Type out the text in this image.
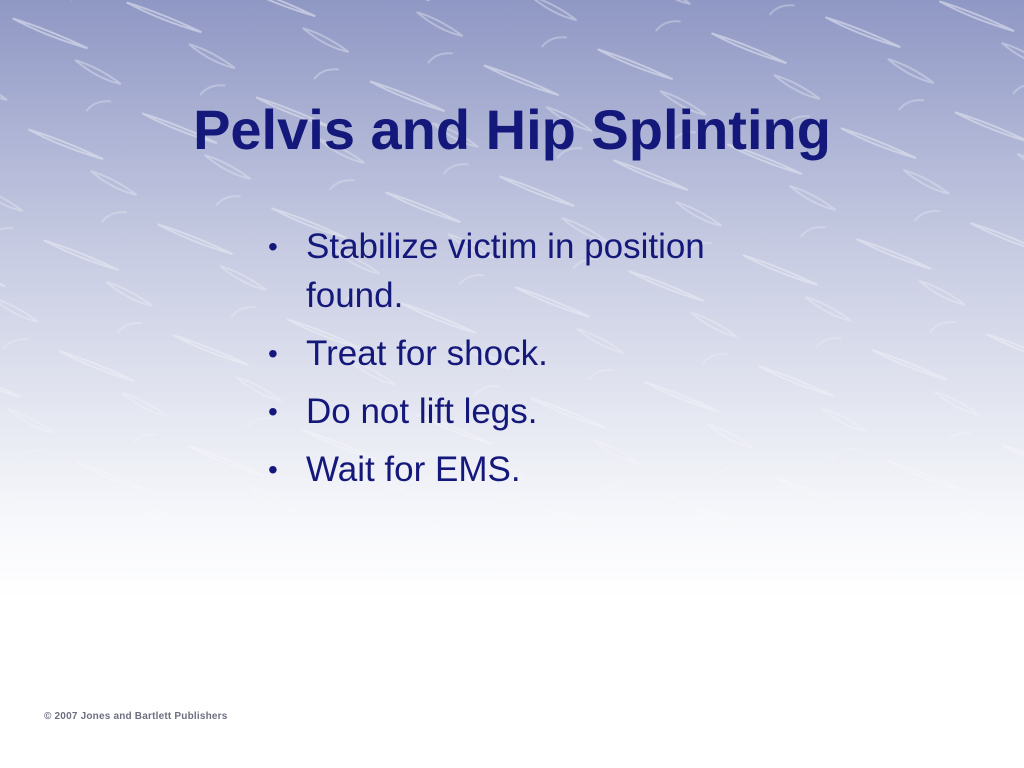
Pelvis and Hip Splinting
• Stabilize victim in position found.
• Treat for shock.
• Do not lift legs.
• Wait for EMS.
© 2007 Jones and Bartlett Publishers
